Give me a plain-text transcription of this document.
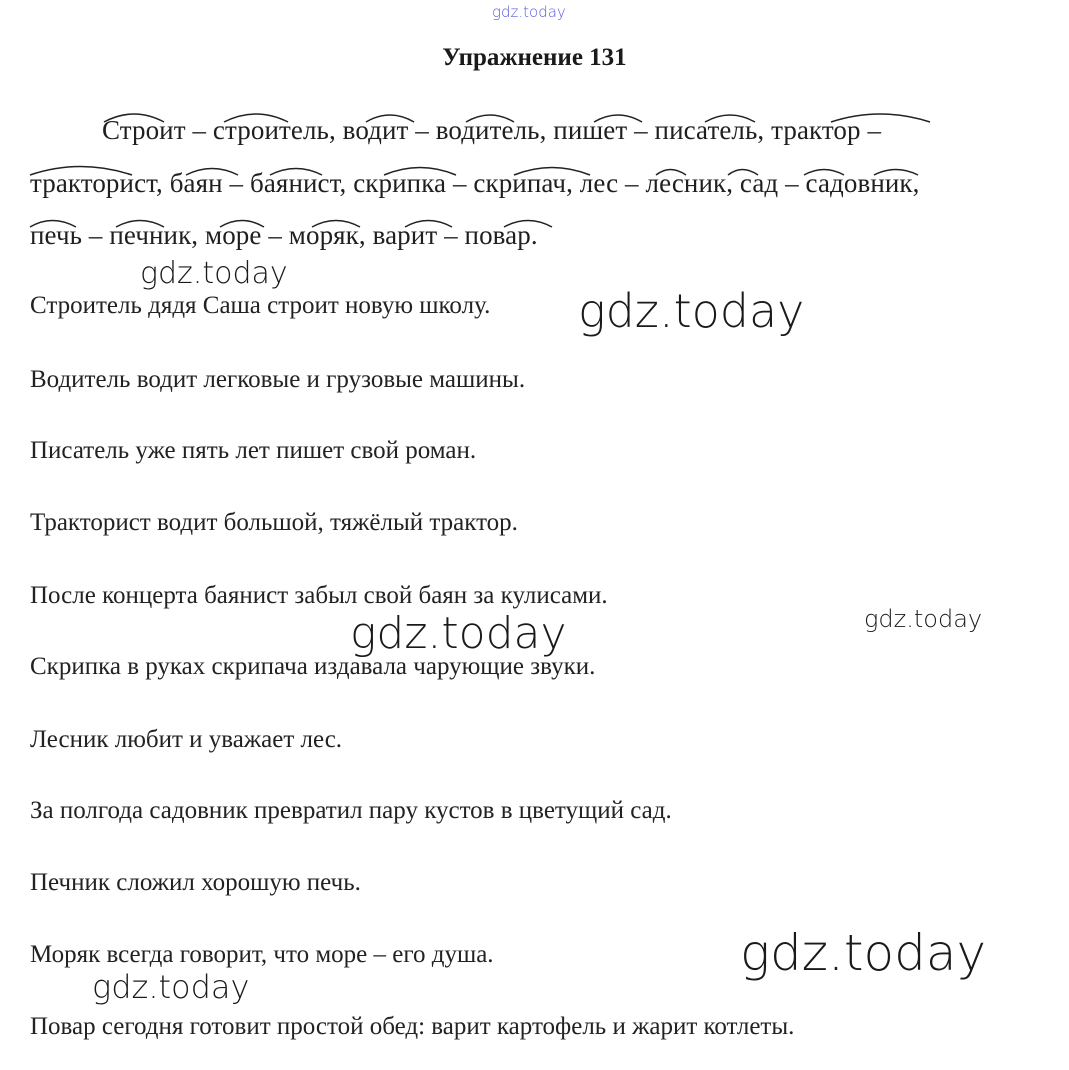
gdz.today
Упражнение 131
Строит – строитель, водит – водитель, пишет – писатель, трактор –
тракторист, баян – баянист, скрипка – скрипач, лес – лесник, сад – садовник,
печь – печник, море – моряк, варит – повар.
Строитель дядя Саша строит новую школу.
Водитель водит легковые и грузовые машины.
Писатель уже пять лет пишет свой роман.
Тракторист водит большой, тяжёлый трактор.
После концерта баянист забыл свой баян за кулисами.
Скрипка в руках скрипача издавала чарующие звуки.
Лесник любит и уважает лес.
За полгода садовник превратил пару кустов в цветущий сад.
Печник сложил хорошую печь.
Моряк всегда говорит, что море – его душа.
Повар сегодня готовит простой обед: варит картофель и жарит котлеты.
gdz.today
gdz.today
gdz.today	gdz.today
gdz.today
gdz.today
